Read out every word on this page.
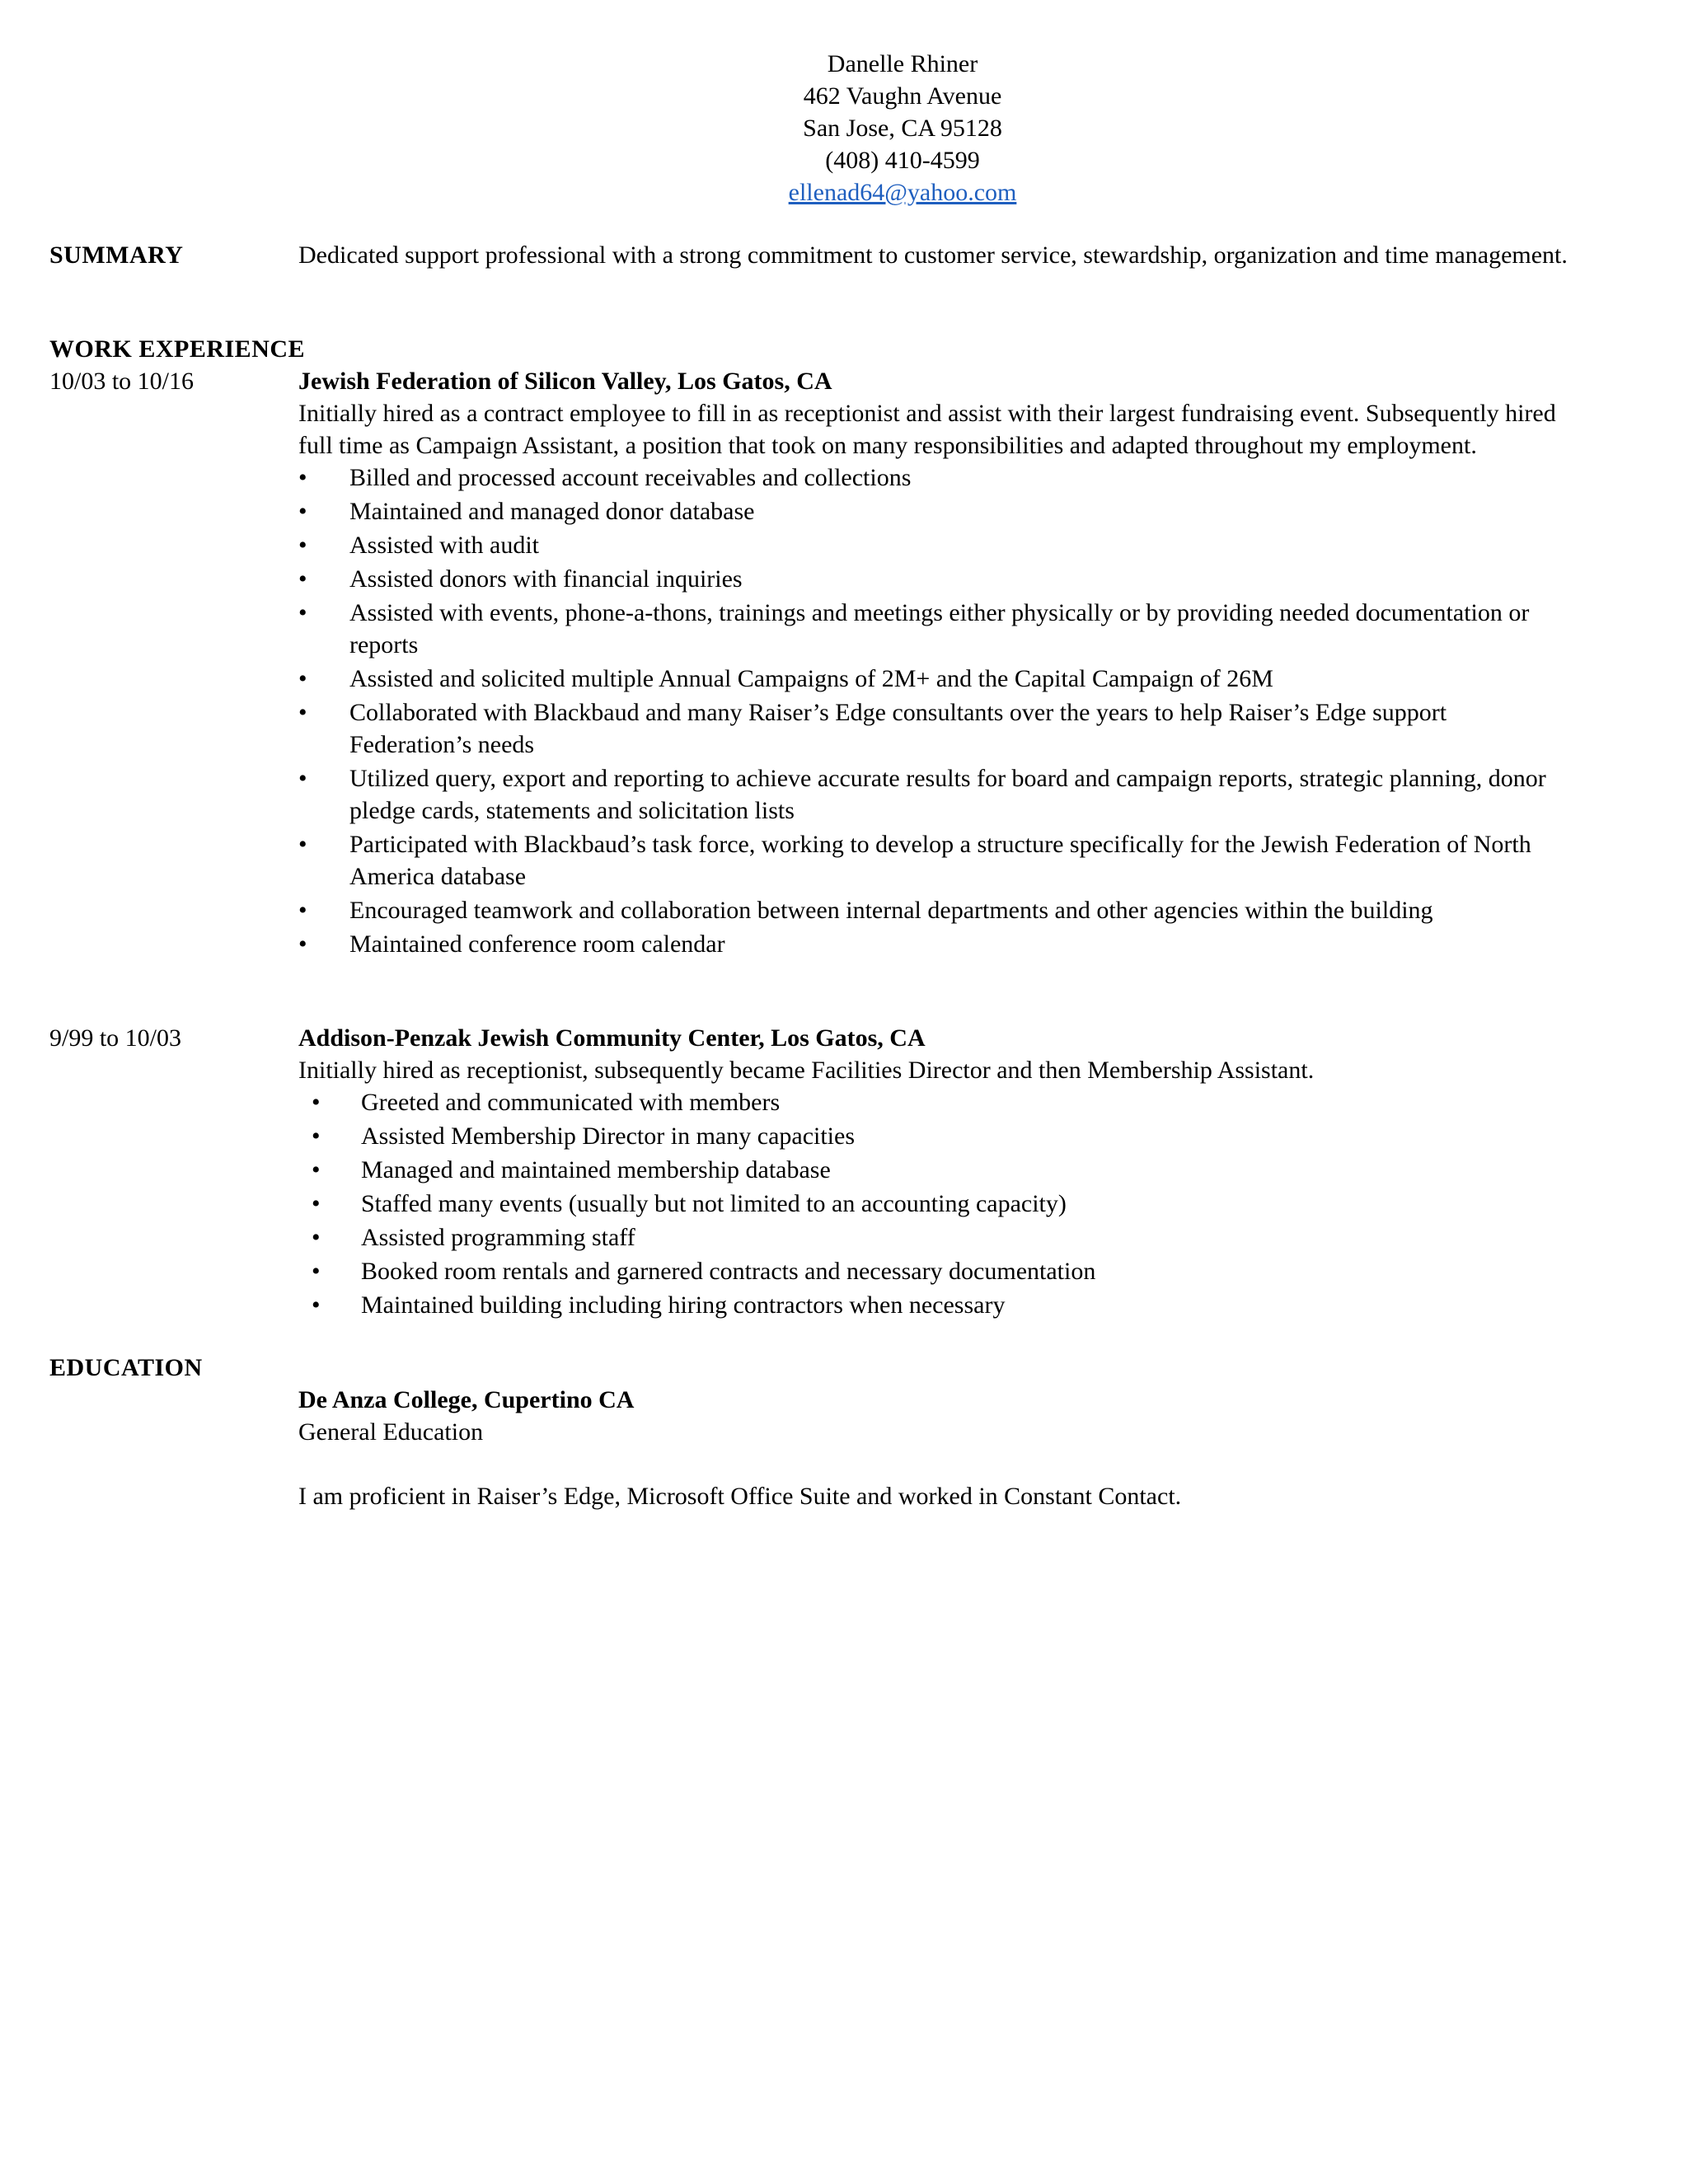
Danelle Rhiner
462 Vaughn Avenue
San Jose, CA 95128
(408) 410-4599
ellenad64@yahoo.com
SUMMARY	Dedicated support professional with a strong commitment to customer service, stewardship, organization and time management.
WORK EXPERIENCE
10/03 to 10/16	Jewish Federation of Silicon Valley, Los Gatos, CA
Initially hired as a contract employee to fill in as receptionist and assist with their largest fundraising event. Subsequently hired full time as Campaign Assistant, a position that took on many responsibilities and adapted throughout my employment.
• Billed and processed account receivables and collections
• Maintained and managed donor database
• Assisted with audit
• Assisted donors with financial inquiries
• Assisted with events, phone-a-thons, trainings and meetings either physically or by providing needed documentation or reports
• Assisted and solicited multiple Annual Campaigns of 2M+ and the Capital Campaign of 26M
• Collaborated with Blackbaud and many Raiser’s Edge consultants over the years to help Raiser’s Edge support Federation’s needs
• Utilized query, export and reporting to achieve accurate results for board and campaign reports, strategic planning, donor pledge cards, statements and solicitation lists
• Participated with Blackbaud’s task force, working to develop a structure specifically for the Jewish Federation of North America database
• Encouraged teamwork and collaboration between internal departments and other agencies within the building
• Maintained conference room calendar
9/99 to 10/03	Addison-Penzak Jewish Community Center, Los Gatos, CA
Initially hired as receptionist, subsequently became Facilities Director and then Membership Assistant.
• Greeted and communicated with members
• Assisted Membership Director in many capacities
• Managed and maintained membership database
• Staffed many events (usually but not limited to an accounting capacity)
• Assisted programming staff
• Booked room rentals and garnered contracts and necessary documentation
• Maintained building including hiring contractors when necessary
EDUCATION
De Anza College, Cupertino CA
General Education
I am proficient in Raiser’s Edge, Microsoft Office Suite and worked in Constant Contact.
